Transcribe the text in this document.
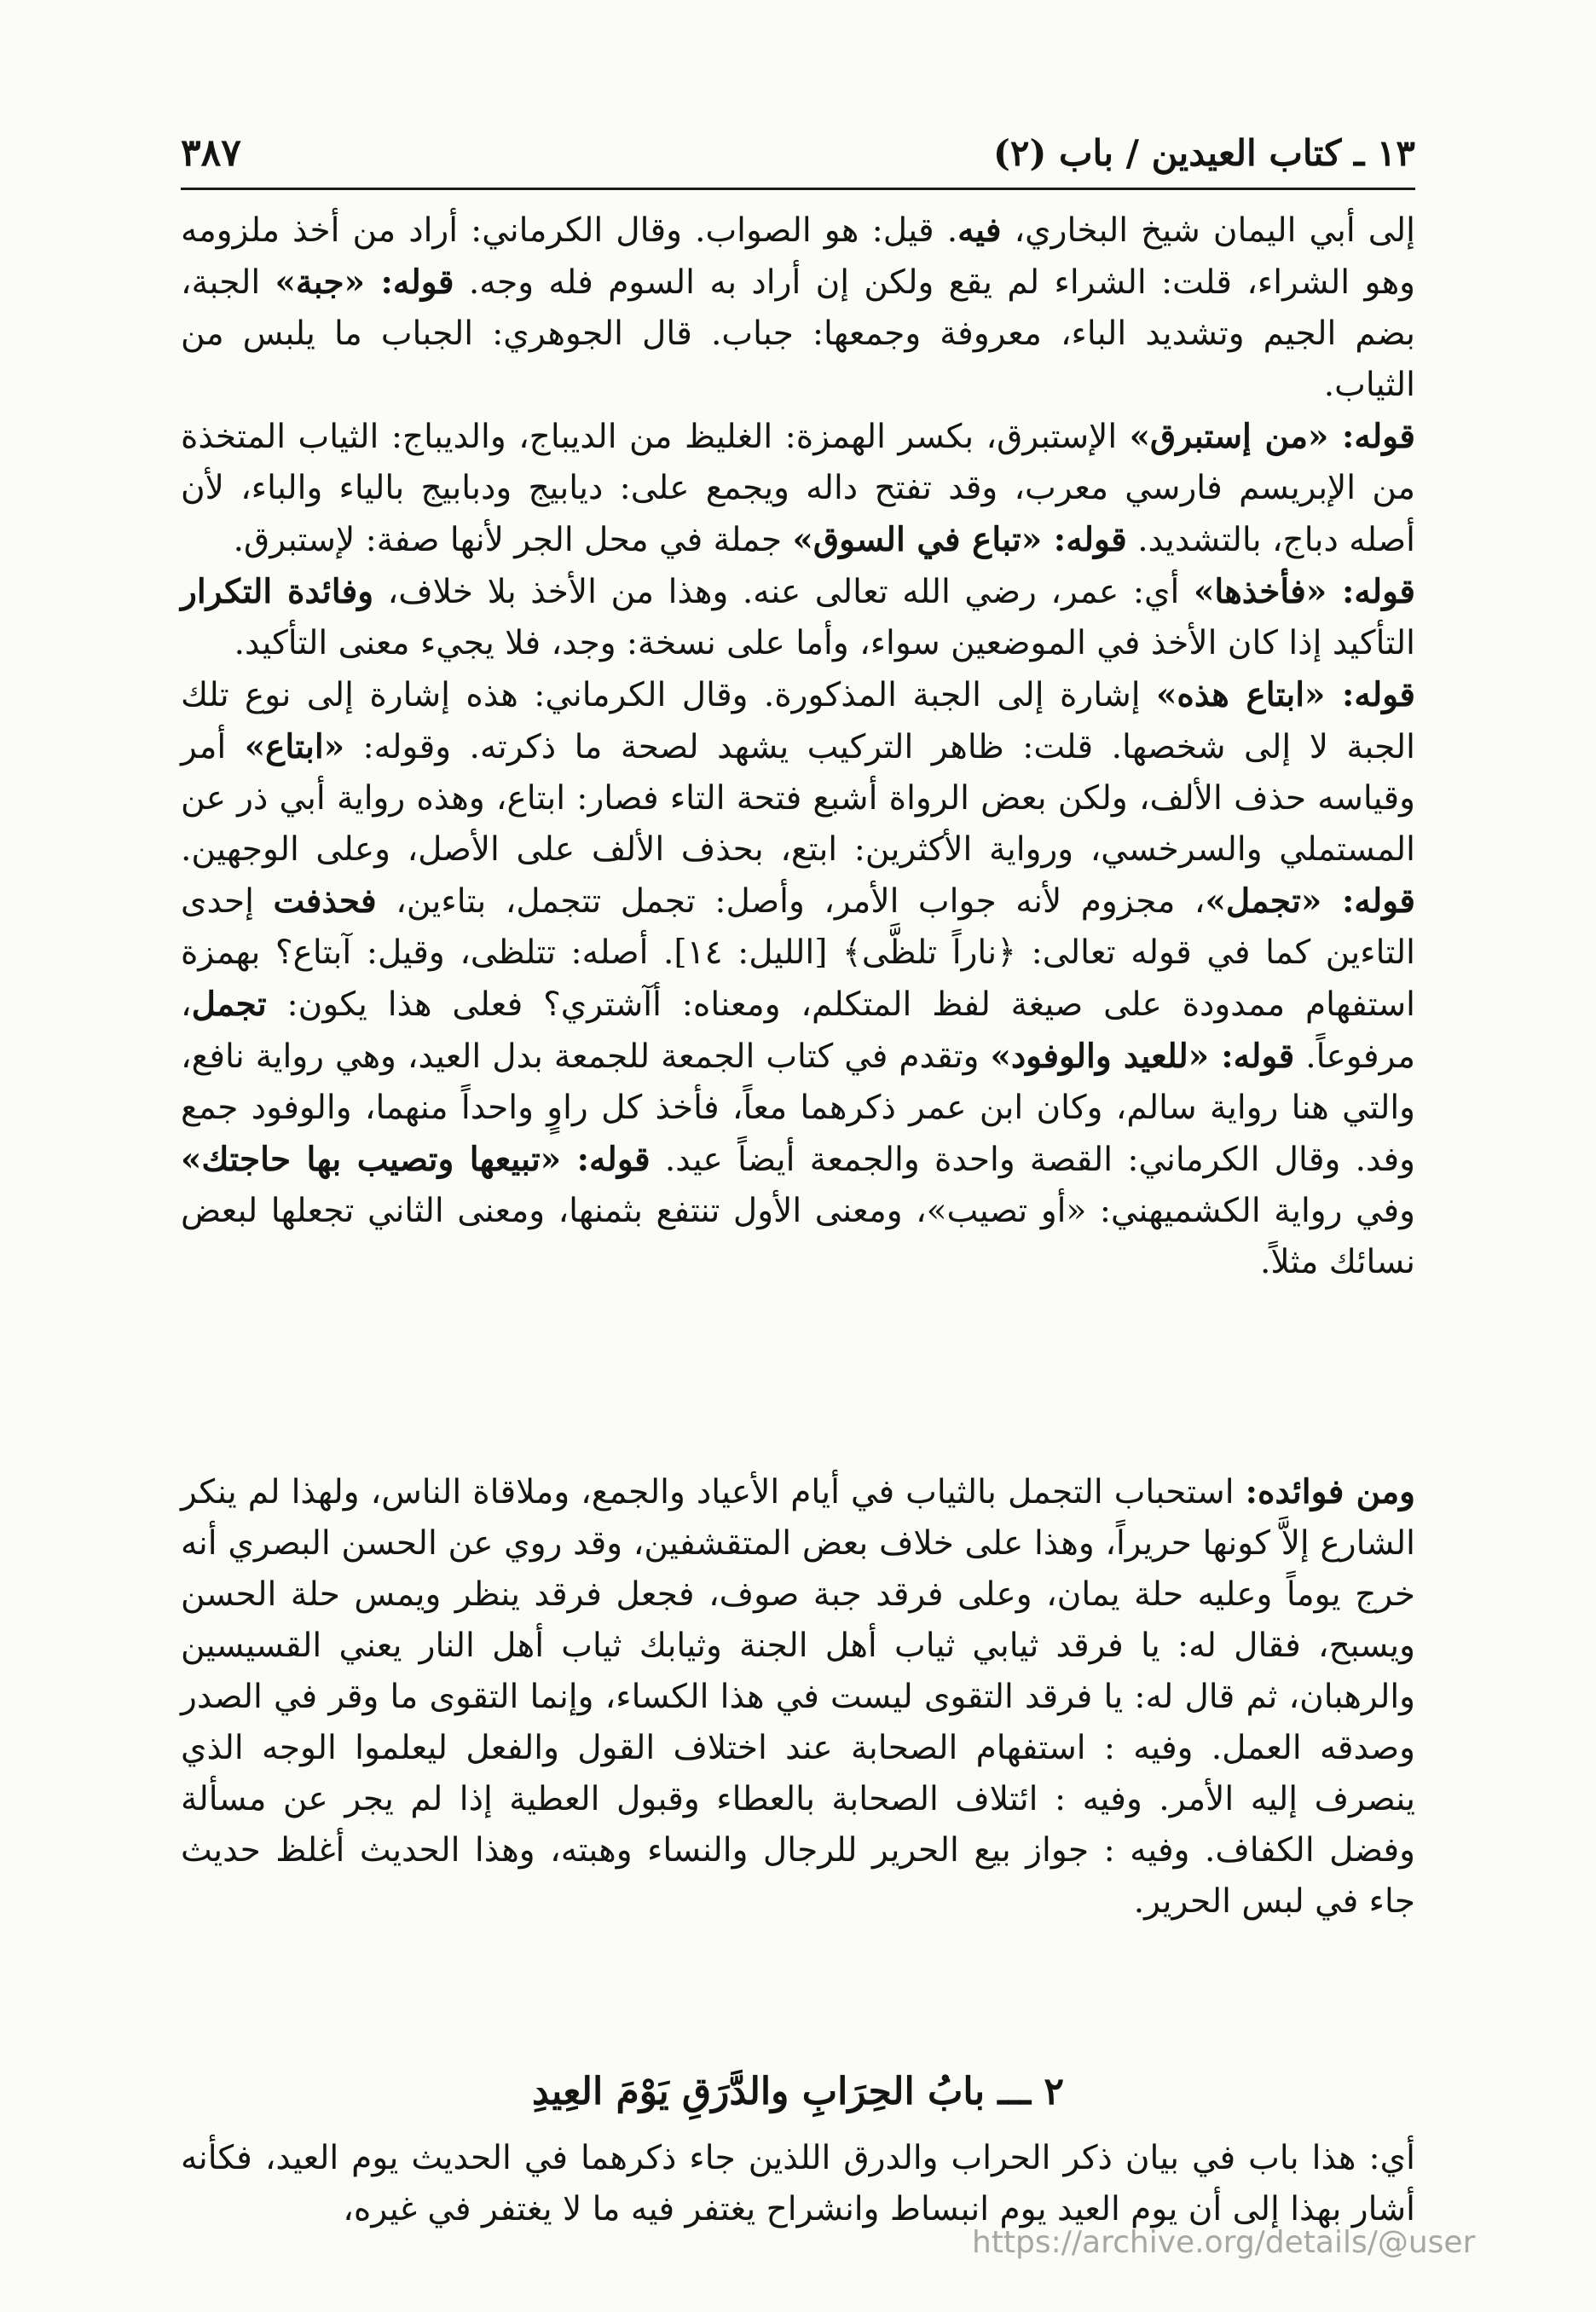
١٣ ـ كتاب العيدين / باب (٢)
٣٨٧

إلى أبي اليمان شيخ البخاري، فيه. قيل: هو الصواب. وقال الكرماني: أراد من أخذ ملزومه وهو الشراء، قلت: الشراء لم يقع ولكن إن أراد به السوم فله وجه. قوله: «جبة» الجبة، بضم الجيم وتشديد الباء، معروفة وجمعها: جباب. قال الجوهري: الجباب ما يلبس من الثياب.

قوله: «من إستبرق» الإستبرق، بكسر الهمزة: الغليظ من الديباج، والديباج: الثياب المتخذة من الإبريسم فارسي معرب، وقد تفتح داله ويجمع على: ديابيج ودبابيج بالياء والباء، لأن أصله دباج، بالتشديد. قوله: «تباع في السوق» جملة في محل الجر لأنها صفة: لإستبرق.

قوله: «فأخذها» أي: عمر، رضي الله تعالى عنه. وهذا من الأخذ بلا خلاف، وفائدة التكرار التأكيد إذا كان الأخذ في الموضعين سواء، وأما على نسخة: وجد، فلا يجيء معنى التأكيد.

قوله: «ابتاع هذه» إشارة إلى الجبة المذكورة. وقال الكرماني: هذه إشارة إلى نوع تلك الجبة لا إلى شخصها. قلت: ظاهر التركيب يشهد لصحة ما ذكرته. وقوله: «ابتاع» أمر وقياسه حذف الألف، ولكن بعض الرواة أشبع فتحة التاء فصار: ابتاع، وهذه رواية أبي ذر عن المستملي والسرخسي، ورواية الأكثرين: ابتع، بحذف الألف على الأصل، وعلى الوجهين. قوله: «تجمل»، مجزوم لأنه جواب الأمر، وأصل: تجمل تتجمل، بتاءين، فحذفت إحدى التاءين كما في قوله تعالى: ﴿ناراً تلظَّى﴾ [الليل: ١٤]. أصله: تتلظى، وقيل: آبتاع؟ بهمزة استفهام ممدودة على صيغة لفظ المتكلم، ومعناه: أآشتري؟ فعلى هذا يكون: تجمل، مرفوعاً. قوله: «للعيد والوفود» وتقدم في كتاب الجمعة للجمعة بدل العيد، وهي رواية نافع، والتي هنا رواية سالم، وكان ابن عمر ذكرهما معاً، فأخذ كل راوٍ واحداً منهما، والوفود جمع وفد. وقال الكرماني: القصة واحدة والجمعة أيضاً عيد. قوله: «تبيعها وتصيب بها حاجتك» وفي رواية الكشميهني: «أو تصيب»، ومعنى الأول تنتفع بثمنها، ومعنى الثاني تجعلها لبعض نسائك مثلاً.

ومن فوائده: استحباب التجمل بالثياب في أيام الأعياد والجمع، وملاقاة الناس، ولهذا لم ينكر الشارع إلاَّ كونها حريراً، وهذا على خلاف بعض المتقشفين، وقد روي عن الحسن البصري أنه خرج يوماً وعليه حلة يمان، وعلى فرقد جبة صوف، فجعل فرقد ينظر ويمس حلة الحسن ويسبح، فقال له: يا فرقد ثيابي ثياب أهل الجنة وثيابك ثياب أهل النار يعني القسيسين والرهبان، ثم قال له: يا فرقد التقوى ليست في هذا الكساء، وإنما التقوى ما وقر في الصدر وصدقه العمل. وفيه : استفهام الصحابة عند اختلاف القول والفعل ليعلموا الوجه الذي ينصرف إليه الأمر. وفيه : ائتلاف الصحابة بالعطاء وقبول العطية إذا لم يجر عن مسألة وفضل الكفاف. وفيه : جواز بيع الحرير للرجال والنساء وهبته، وهذا الحديث أغلظ حديث جاء في لبس الحرير.
٢ ـــ بابُ الحِرَابِ والدَّرَقِ يَوْمَ العِيدِ
أي: هذا باب في بيان ذكر الحراب والدرق اللذين جاء ذكرهما في الحديث يوم العيد، فكأنه أشار بهذا إلى أن يوم العيد يوم انبساط وانشراح يغتفر فيه ما لا يغتفر في غيره،
https://archive.org/details/@user
